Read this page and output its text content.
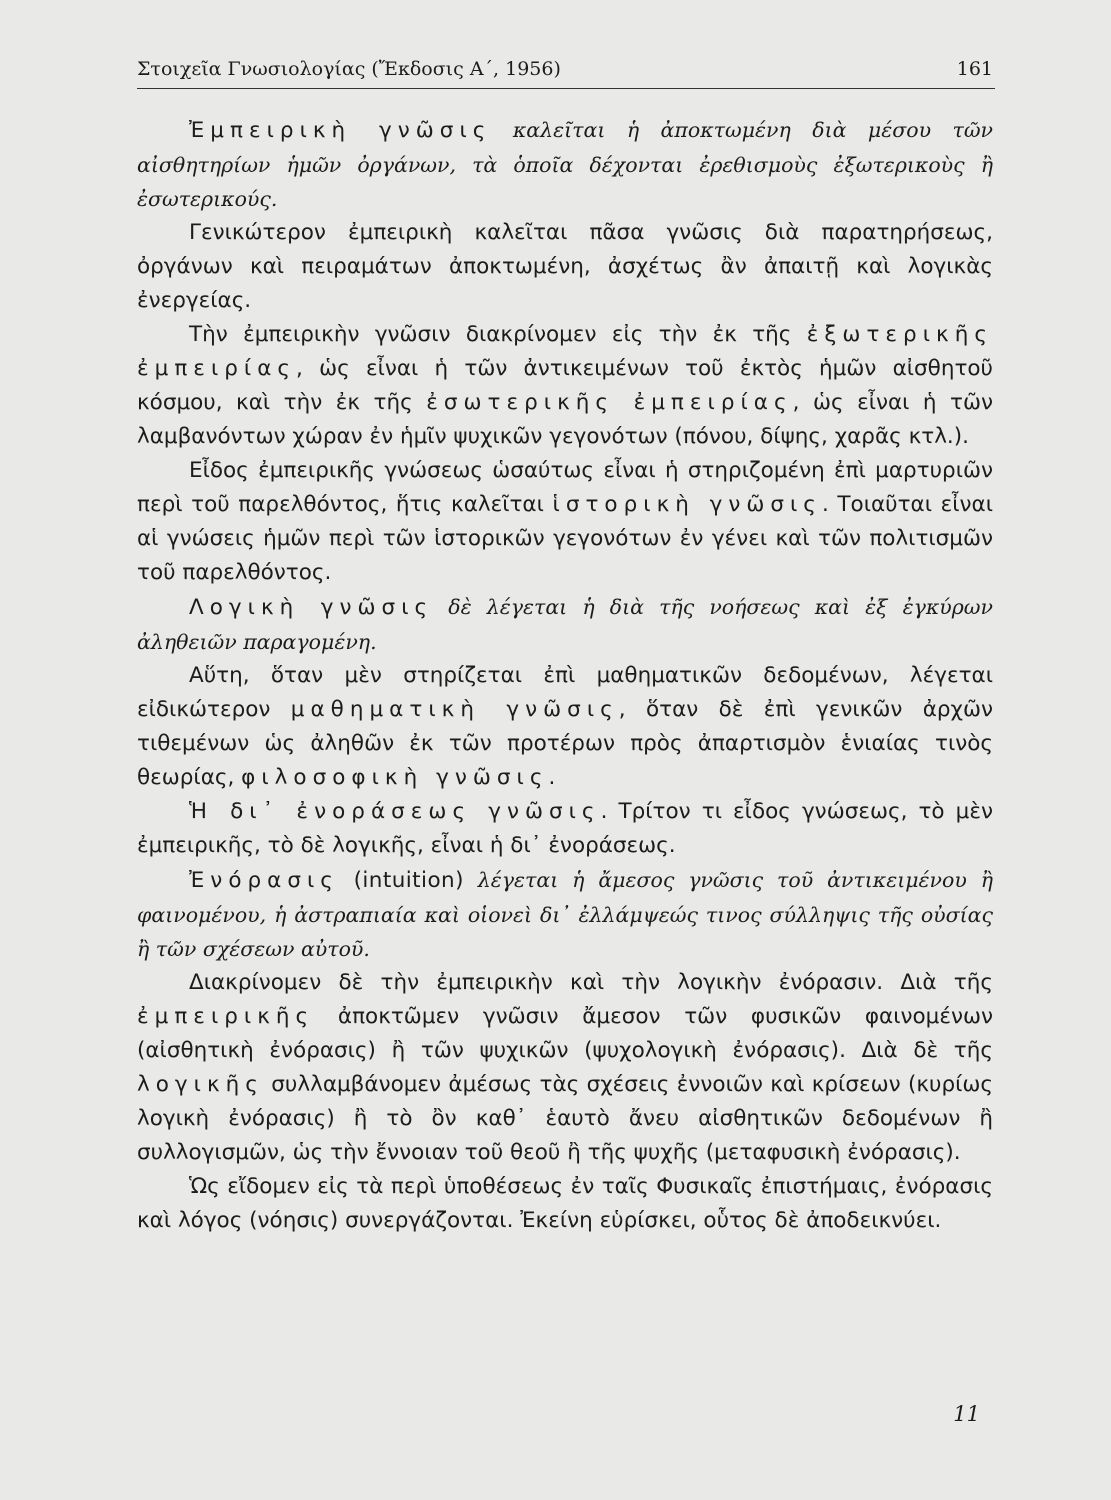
Στοιχεῖα Γνωσιολογίας (Ἔκδοσις Α΄, 1956)	161

Ἐμπειρικὴ γνῶσις καλεῖται ἡ ἀποκτωμένη διὰ μέσου τῶν αἰσθητηρίων ἡμῶν ὀργάνων, τὰ ὁποῖα δέχονται ἐρεθισμοὺς ἐξωτερικοὺς ἢ ἐσωτερικούς.

Γενικώτερον ἐμπειρικὴ καλεῖται πᾶσα γνῶσις διὰ παρατηρήσεως, ὀργάνων καὶ πειραμάτων ἀποκτωμένη, ἀσχέτως ἂν ἀπαιτῇ καὶ λογικὰς ἐνεργείας.

Τὴν ἐμπειρικὴν γνῶσιν διακρίνομεν εἰς τὴν ἐκ τῆς ἐξωτερικῆς ἐμπειρίας, ὡς εἶναι ἡ τῶν ἀντικειμένων τοῦ ἐκτὸς ἡμῶν αἰσθητοῦ κόσμου, καὶ τὴν ἐκ τῆς ἐσωτερικῆς ἐμπειρίας, ὡς εἶναι ἡ τῶν λαμβανόντων χώραν ἐν ἡμῖν ψυχικῶν γεγονότων (πόνου, δίψης, χαρᾶς κτλ.).

Εἶδος ἐμπειρικῆς γνώσεως ὡσαύτως εἶναι ἡ στηριζομένη ἐπὶ μαρτυριῶν περὶ τοῦ παρελθόντος, ἥτις καλεῖται ἱστορικὴ γνῶσις. Τοιαῦται εἶναι αἱ γνώσεις ἡμῶν περὶ τῶν ἱστορικῶν γεγονότων ἐν γένει καὶ τῶν πολιτισμῶν τοῦ παρελθόντος.

Λογικὴ γνῶσις δὲ λέγεται ἡ διὰ τῆς νοήσεως καὶ ἐξ ἐγκύρων ἀληθειῶν παραγομένη.

Αὕτη, ὅταν μὲν στηρίζεται ἐπὶ μαθηματικῶν δεδομένων, λέγεται εἰδικώτερον μαθηματικὴ γνῶσις, ὅταν δὲ ἐπὶ γενικῶν ἀρχῶν τιθεμένων ὡς ἀληθῶν ἐκ τῶν προτέρων πρὸς ἀπαρτισμὸν ἑνιαίας τινὸς θεωρίας, φιλοσοφικὴ γνῶσις.

Ἡ δι᾽ ἐνοράσεως γνῶσις. Τρίτον τι εἶδος γνώσεως, τὸ μὲν ἐμπειρικῆς, τὸ δὲ λογικῆς, εἶναι ἡ δι᾽ ἐνοράσεως.

Ἐνόρασις (intuition) λέγεται ἡ ἄμεσος γνῶσις τοῦ ἀντικειμένου ἢ φαινομένου, ἡ ἀστραπιαία καὶ οἱονεὶ δι᾽ ἐλλάμψεώς τινος σύλληψις τῆς οὐσίας ἢ τῶν σχέσεων αὐτοῦ.

Διακρίνομεν δὲ τὴν ἐμπειρικὴν καὶ τὴν λογικὴν ἐνόρασιν. Διὰ τῆς ἐμπειρικῆς ἀποκτῶμεν γνῶσιν ἄμεσον τῶν φυσικῶν φαινομένων (αἰσθητικὴ ἐνόρασις) ἢ τῶν ψυχικῶν (ψυχολογικὴ ἐνόρασις). Διὰ δὲ τῆς λογικῆς συλλαμβάνομεν ἀμέσως τὰς σχέσεις ἐννοιῶν καὶ κρίσεων (κυρίως λογικὴ ἐνόρασις) ἢ τὸ ὂν καθ᾽ ἑαυτὸ ἄνευ αἰσθητικῶν δεδομένων ἢ συλλογισμῶν, ὡς τὴν ἔννοιαν τοῦ θεοῦ ἢ τῆς ψυχῆς (μεταφυσικὴ ἐνόρασις).

Ὡς εἴδομεν εἰς τὰ περὶ ὑποθέσεως ἐν ταῖς Φυσικαῖς ἐπιστήμαις, ἐνόρασις καὶ λόγος (νόησις) συνεργάζονται. Ἐκείνη εὑρίσκει, οὗτος δὲ ἀποδεικνύει.

11
